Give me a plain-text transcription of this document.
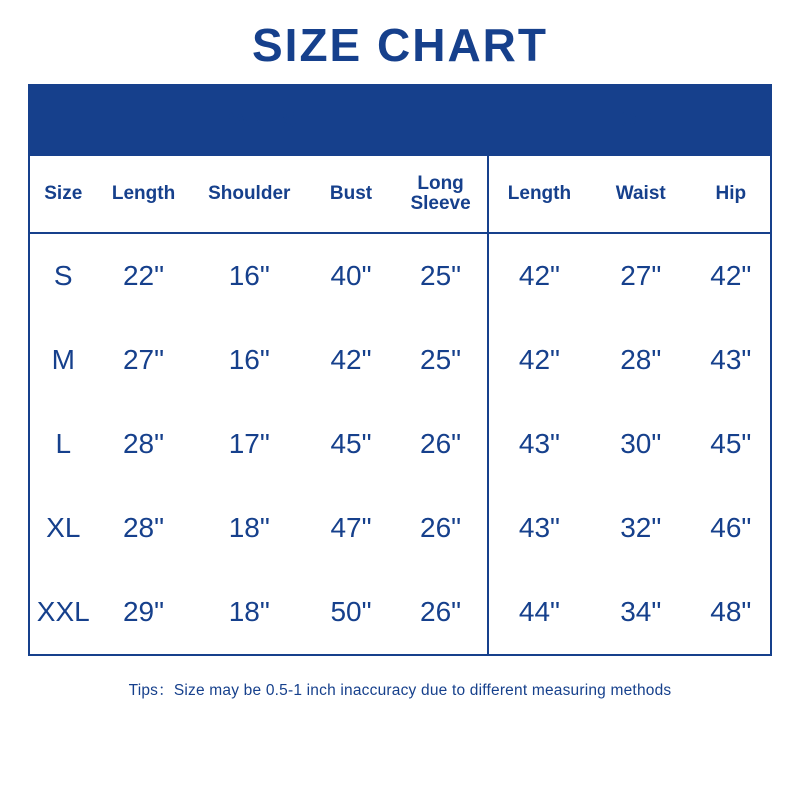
SIZE CHART
PANTS					TOP		
Size	Length	Shoulder	Bust	Long Sleeve	Length	Waist	Hip
S	22"	16"	40"	25"	42"	27"	42"
M	27"	16"	42"	25"	42"	28"	43"
L	28"	17"	45"	26"	43"	30"	45"
XL	28"	18"	47"	26"	43"	32"	46"
XXL	29"	18"	50"	26"	44"	34"	48"
Tips：Size may be 0.5-1 inch inaccuracy due to different measuring methods
